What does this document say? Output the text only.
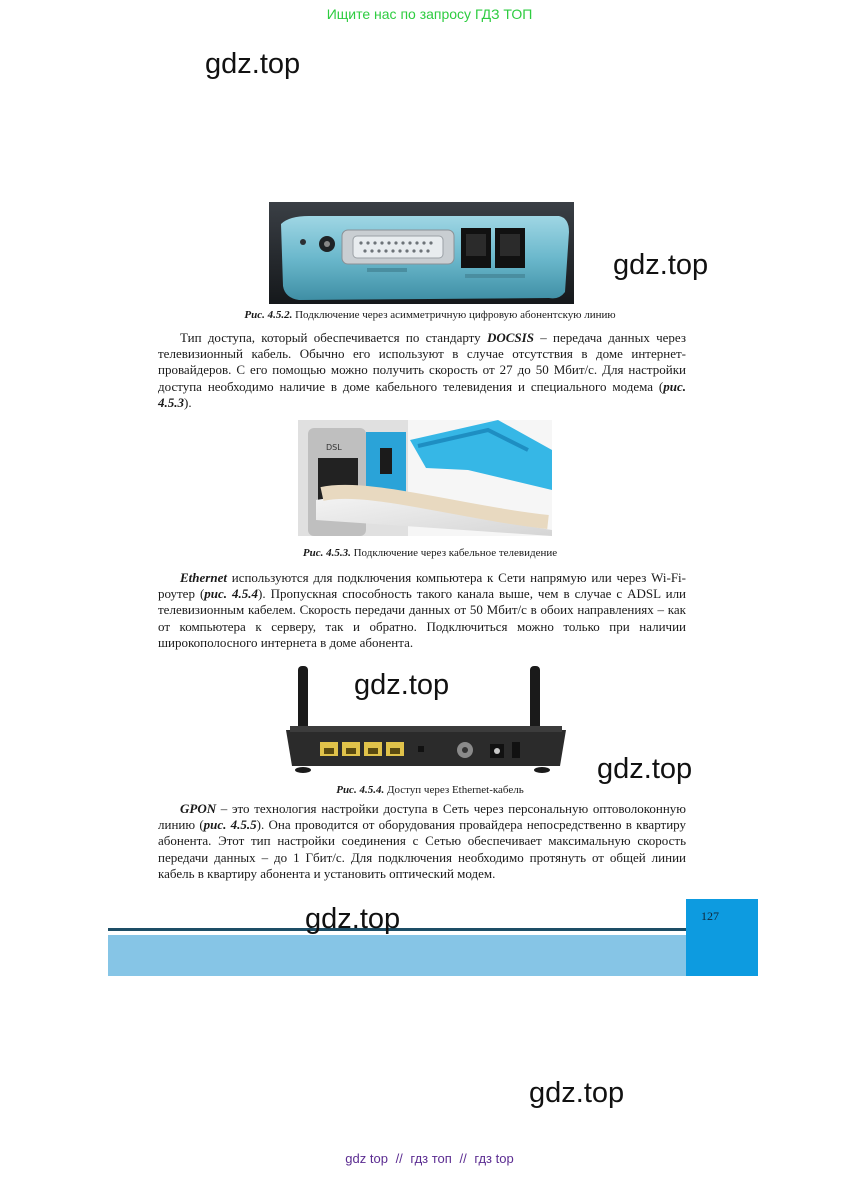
Ищите нас по запросу ГДЗ ТОП
gdz.top
gdz.top
Рис. 4.5.2. Подключение через асимметричную цифровую абонентскую линию
Тип доступа, который обеспечивается по стандарту DOCSIS – передача данных через телевизионный кабель. Обычно его используют в случае отсутствия в доме интернет-провайдеров. С его помощью можно получить скорость от 27 до 50 Мбит/с. Для настройки доступа необходимо наличие в доме кабельного телевидения и специального модема (рис. 4.5.3).
DSL
Рис. 4.5.3. Подключение через кабельное телевидение
Ethernet используются для подключения компьютера к Сети напрямую или через Wi-Fi-роутер (рис. 4.5.4). Пропускная способность такого канала выше, чем в случае с ADSL или телевизионным кабелем. Скорость передачи данных от 50 Мбит/с в обоих направлениях – как от компьютера к серверу, так и обратно. Подключиться можно только при наличии широкополосного интернета в доме абонента.
gdz.top
gdz.top
Рис. 4.5.4. Доступ через Ethernet-кабель
GPON – это технология настройки доступа в Сеть через персональную оптоволоконную линию (рис. 4.5.5). Она проводится от оборудования провайдера непосредственно в квартиру абонента. Этот тип настройки соединения с Сетью обеспечивает максимальную скорость передачи данных – до 1 Гбит/с. Для подключения необходимо протянуть от общей линии кабель в квартиру абонента и установить оптический модем.
127
gdz.top
gdz.top
gdz top // гдз топ // гдз top
